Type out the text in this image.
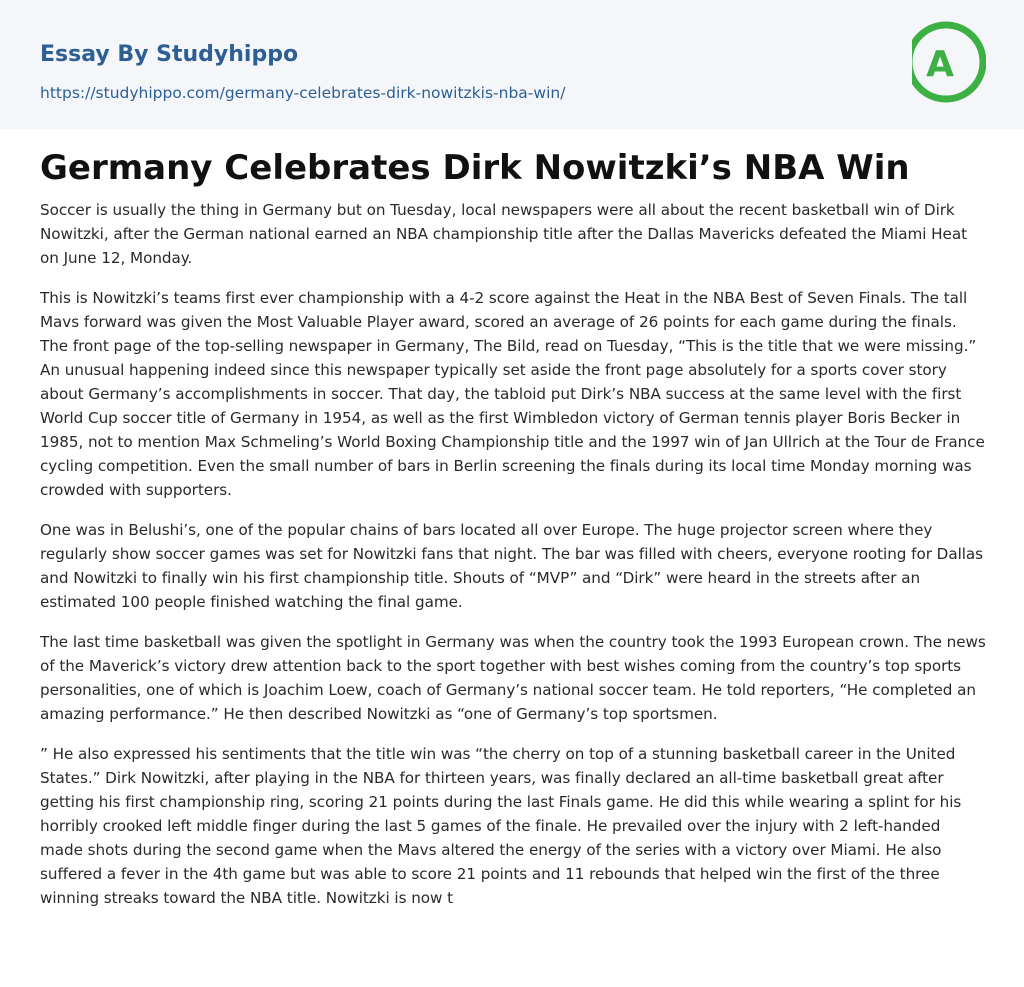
Essay By Studyhippo
https://studyhippo.com/germany-celebrates-dirk-nowitzkis-nba-win/
A
Germany Celebrates Dirk Nowitzki’s NBA Win

Soccer is usually the thing in Germany but on Tuesday, local newspapers were all about the recent basketball win of Dirk Nowitzki, after the German national earned an NBA championship title after the Dallas Mavericks defeated the Miami Heat on June 12, Monday.

This is Nowitzki’s teams first ever championship with a 4-2 score against the Heat in the NBA Best of Seven Finals. The tall Mavs forward was given the Most Valuable Player award, scored an average of 26 points for each game during the finals. The front page of the top-selling newspaper in Germany, The Bild, read on Tuesday, “This is the title that we were missing.” An unusual happening indeed since this newspaper typically set aside the front page absolutely for a sports cover story about Germany’s accomplishments in soccer. That day, the tabloid put Dirk’s NBA success at the same level with the first World Cup soccer title of Germany in 1954, as well as the first Wimbledon victory of German tennis player Boris Becker in 1985, not to mention Max Schmeling’s World Boxing Championship title and the 1997 win of Jan Ullrich at the Tour de France cycling competition. Even the small number of bars in Berlin screening the finals during its local time Monday morning was crowded with supporters.

One was in Belushi’s, one of the popular chains of bars located all over Europe. The huge projector screen where they regularly show soccer games was set for Nowitzki fans that night. The bar was filled with cheers, everyone rooting for Dallas and Nowitzki to finally win his first championship title. Shouts of “MVP” and “Dirk” were heard in the streets after an estimated 100 people finished watching the final game.

The last time basketball was given the spotlight in Germany was when the country took the 1993 European crown. The news of the Maverick’s victory drew attention back to the sport together with best wishes coming from the country’s top sports personalities, one of which is Joachim Loew, coach of Germany’s national soccer team. He told reporters, “He completed an amazing performance.” He then described Nowitzki as “one of Germany’s top sportsmen.

” He also expressed his sentiments that the title win was “the cherry on top of a stunning basketball career in the United States.” Dirk Nowitzki, after playing in the NBA for thirteen years, was finally declared an all-time basketball great after getting his first championship ring, scoring 21 points during the last Finals game. He did this while wearing a splint for his horribly crooked left middle finger during the last 5 games of the finale. He prevailed over the injury with 2 left-handed made shots during the second game when the Mavs altered the energy of the series with a victory over Miami. He also suffered a fever in the 4th game but was able to score 21 points and 11 rebounds that helped win the first of the three winning streaks toward the NBA title. Nowitzki is now t
